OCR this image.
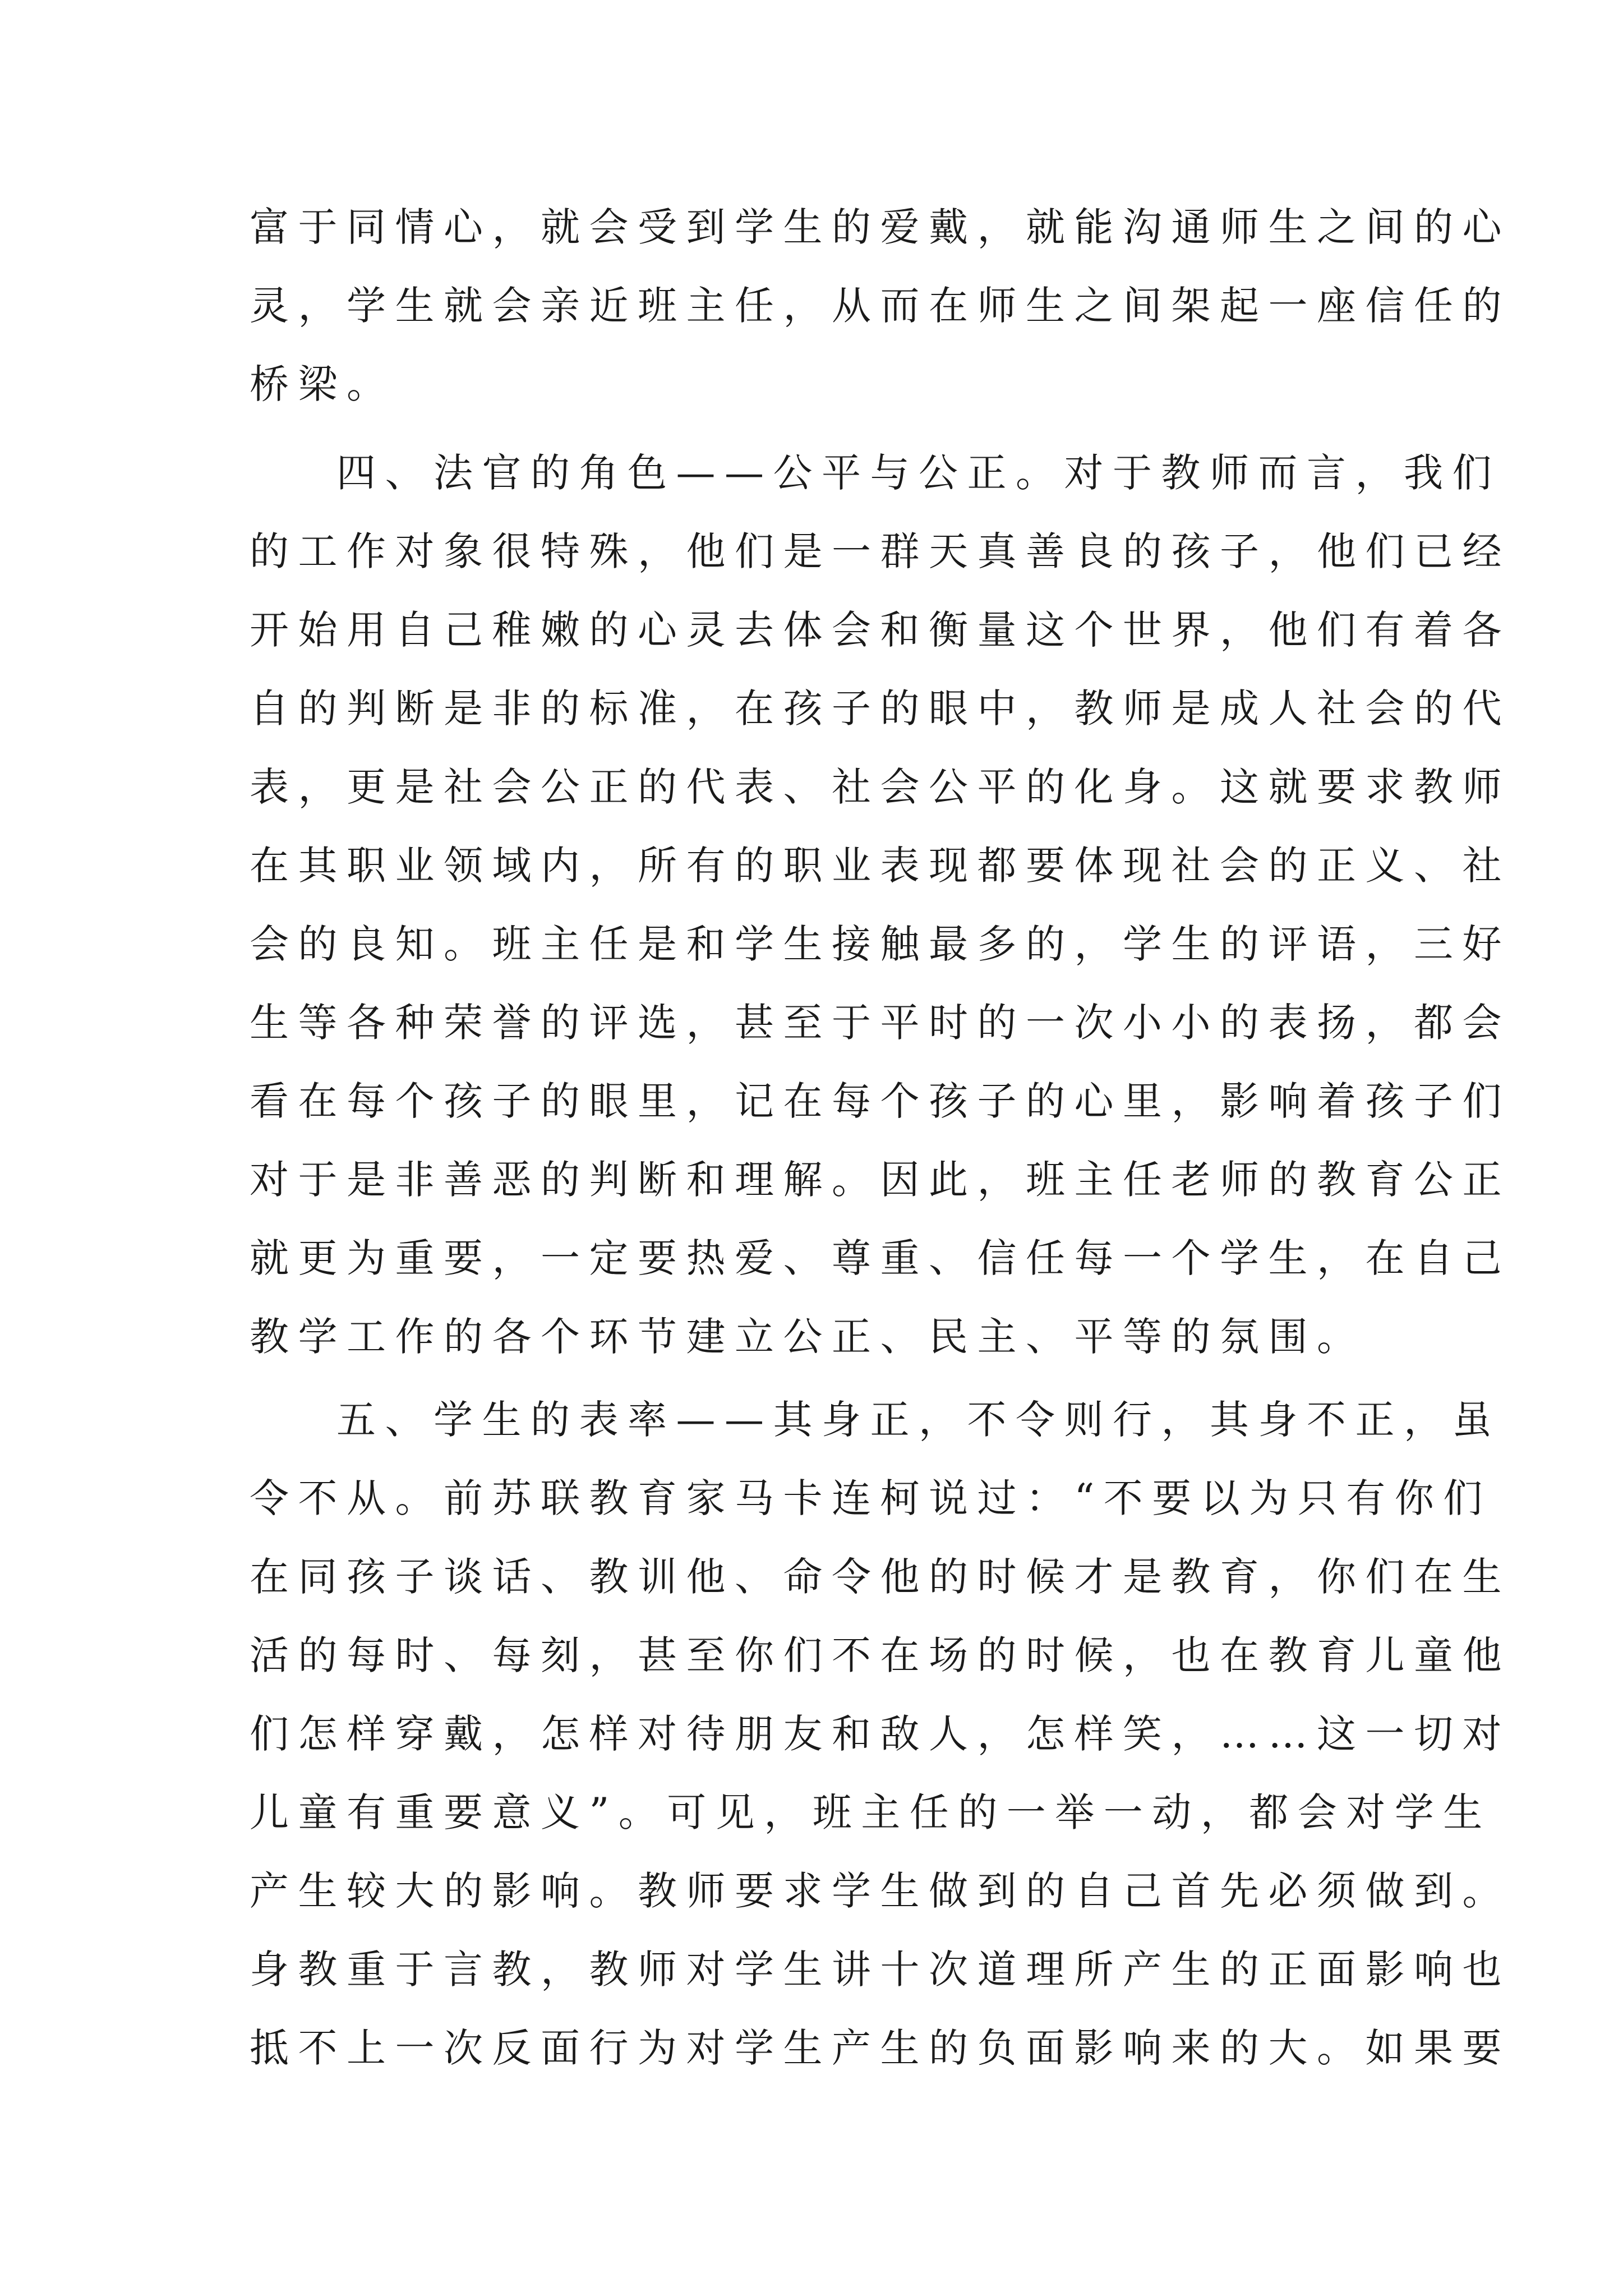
富于同情心，就会受到学生的爱戴，就能沟通师生之间的心
灵，学生就会亲近班主任，从而在师生之间架起一座信任的
桥梁。
四、法官的角色——公平与公正。对于教师而言，我们
的工作对象很特殊，他们是一群天真善良的孩子，他们已经
开始用自己稚嫩的心灵去体会和衡量这个世界，他们有着各
自的判断是非的标准，在孩子的眼中，教师是成人社会的代
表，更是社会公正的代表、社会公平的化身。这就要求教师
在其职业领域内，所有的职业表现都要体现社会的正义、社
会的良知。班主任是和学生接触最多的，学生的评语，三好
生等各种荣誉的评选，甚至于平时的一次小小的表扬，都会
看在每个孩子的眼里，记在每个孩子的心里，影响着孩子们
对于是非善恶的判断和理解。因此，班主任老师的教育公正
就更为重要，一定要热爱、尊重、信任每一个学生，在自己
教学工作的各个环节建立公正、民主、平等的氛围。
五、学生的表率——其身正，不令则行，其身不正，虽
令不从。前苏联教育家马卡连柯说过：“不要以为只有你们
在同孩子谈话、教训他、命令他的时候才是教育，你们在生
活的每时、每刻，甚至你们不在场的时候，也在教育儿童他
们怎样穿戴，怎样对待朋友和敌人，怎样笑，……这一切对
儿童有重要意义”。可见，班主任的一举一动，都会对学生
产生较大的影响。教师要求学生做到的自己首先必须做到。
身教重于言教，教师对学生讲十次道理所产生的正面影响也
抵不上一次反面行为对学生产生的负面影响来的大。如果要
